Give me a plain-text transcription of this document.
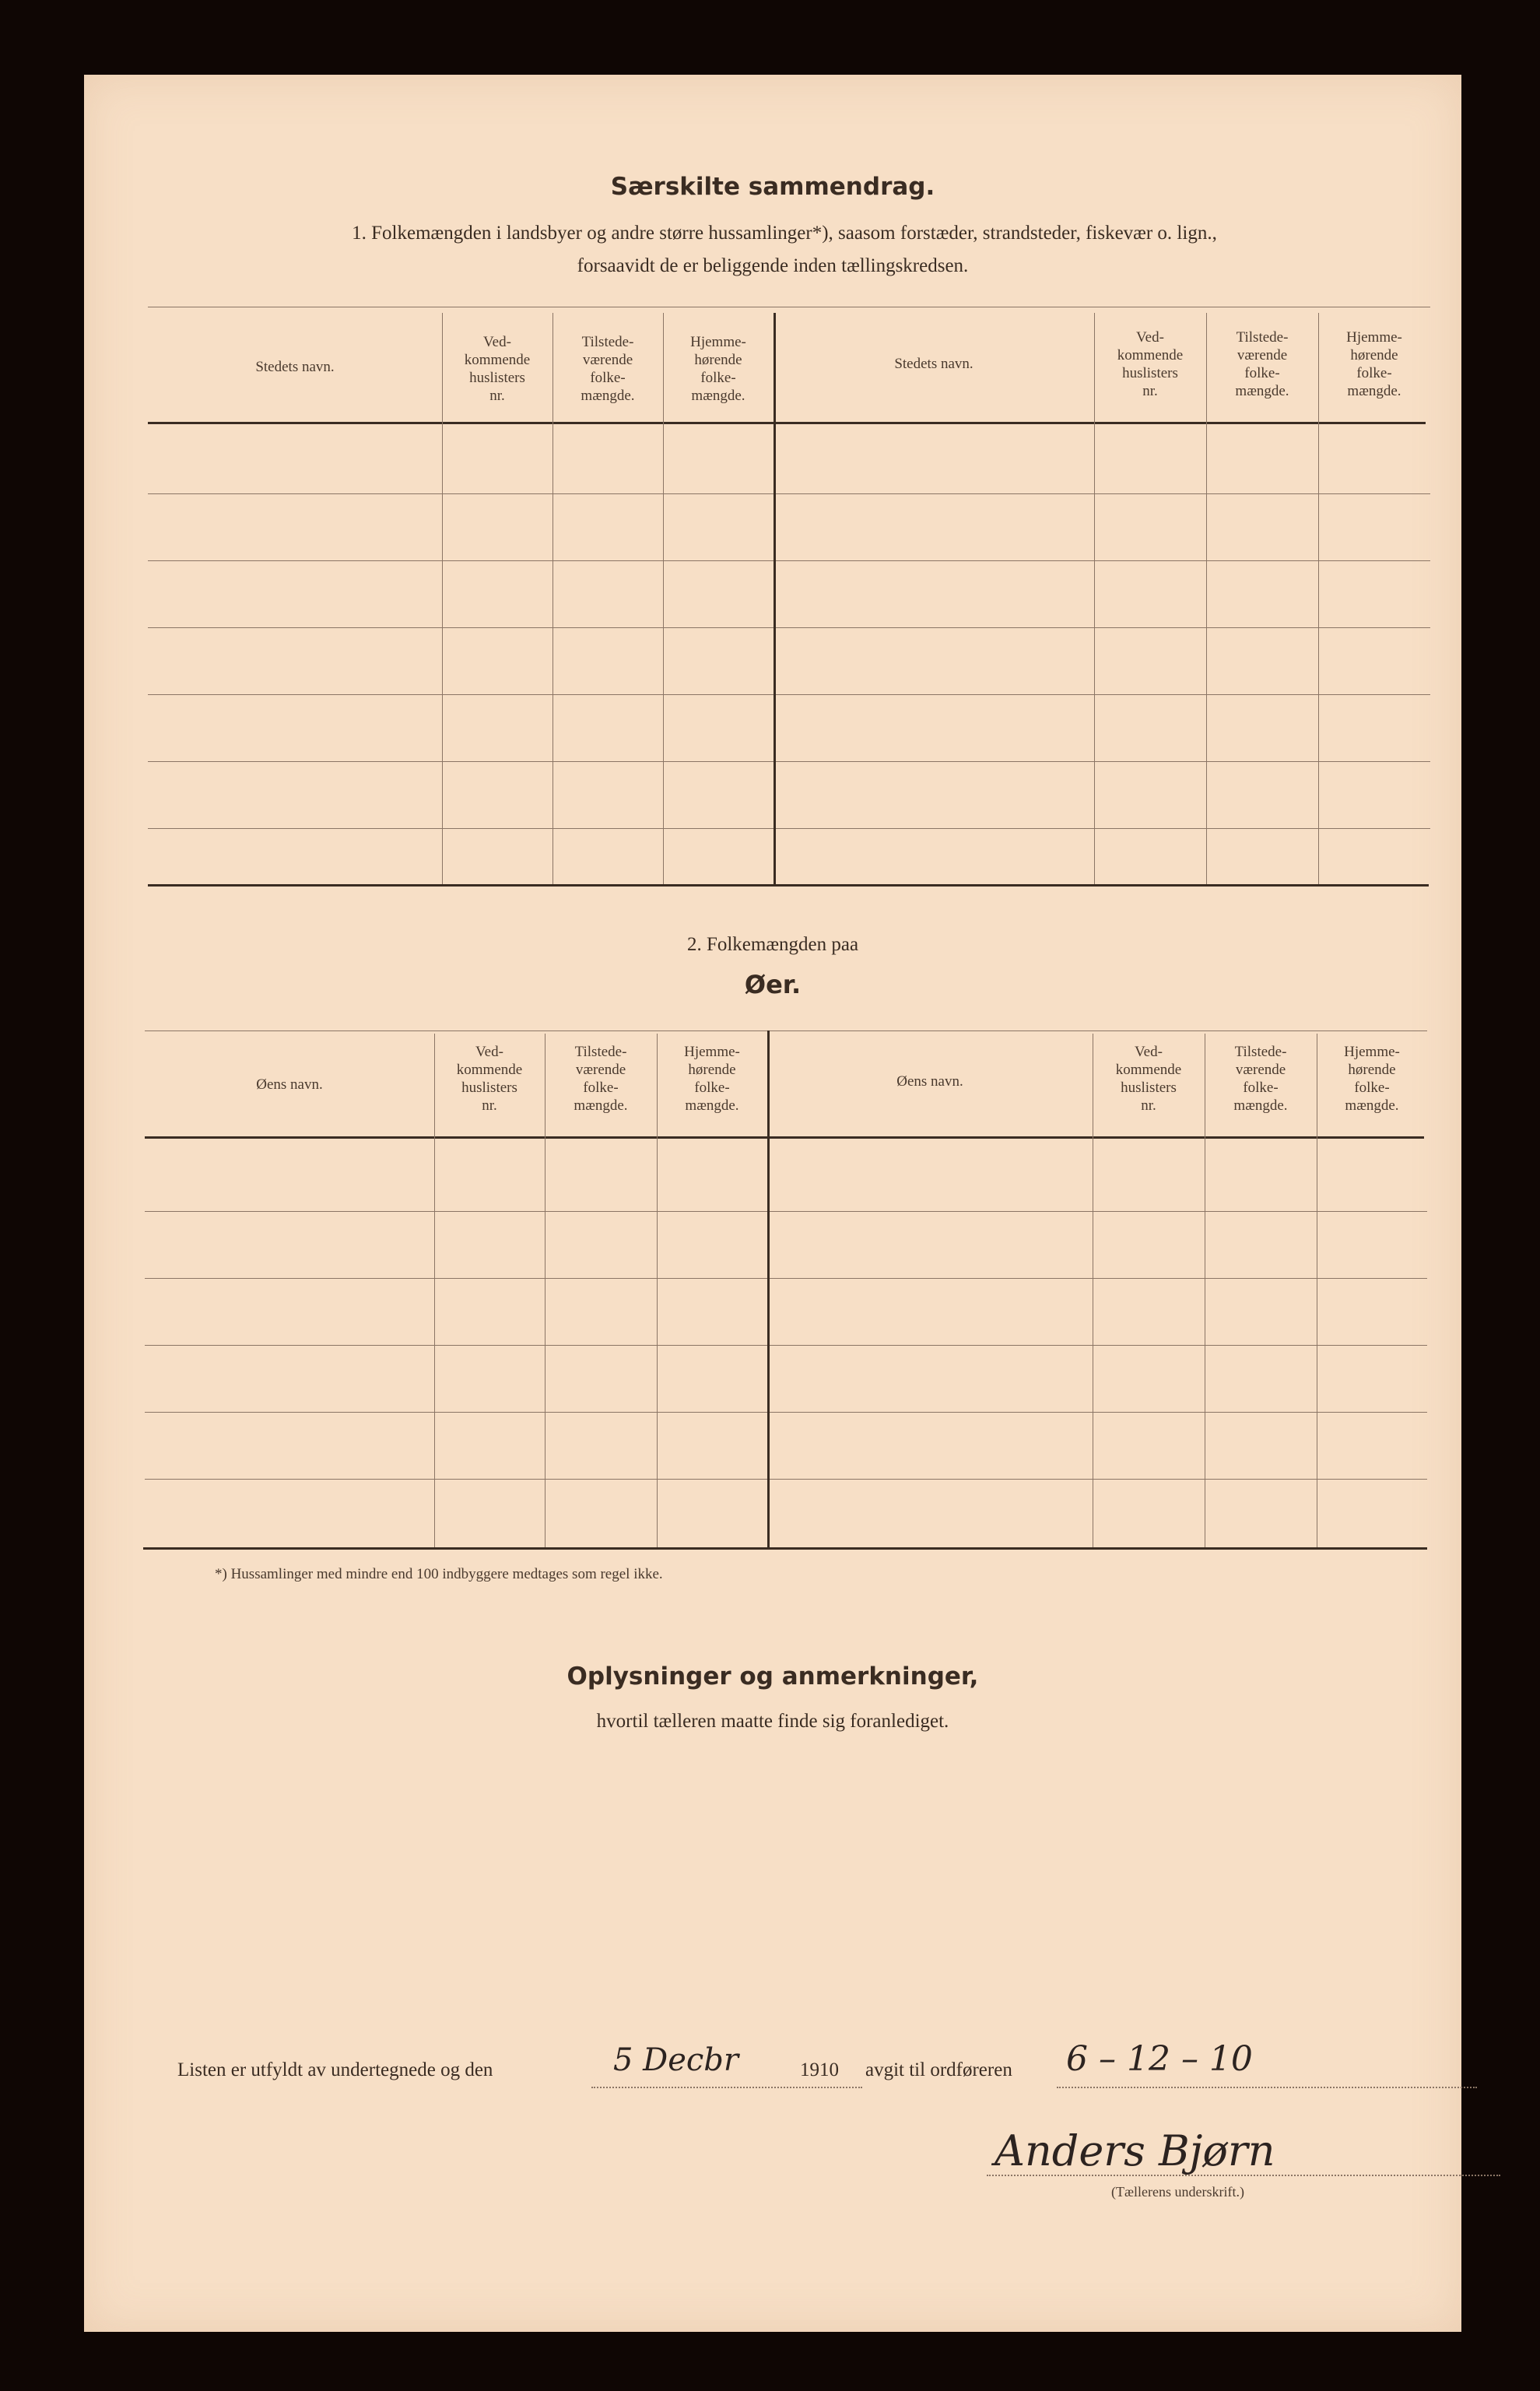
Særskilte sammendrag.
1. Folkemængden i landsbyer og andre større hussamlinger*), saasom forstæder, strandsteder, fiskevær o. lign.,
forsaavidt de er beliggende inden tællingskredsen.
Stedets navn.
Ved-
kommende
huslisters
nr.
Tilstede-
værende
folke-
mængde.
Hjemme-
hørende
folke-
mængde.
Stedets navn.
Ved-
kommende
huslisters
nr.
Tilstede-
værende
folke-
mængde.
Hjemme-
hørende
folke-
mængde.
2. Folkemængden paa
Øer.
Øens navn.
Ved-
kommende
huslisters
nr.
Tilstede-
værende
folke-
mængde.
Hjemme-
hørende
folke-
mængde.
Øens navn.
Ved-
kommende
huslisters
nr.
Tilstede-
værende
folke-
mængde.
Hjemme-
hørende
folke-
mængde.
*) Hussamlinger med mindre end 100 indbyggere medtages som regel ikke.
Oplysninger og anmerkninger,
hvortil tælleren maatte finde sig foranlediget.
Listen er utfyldt av undertegnede og den	5 Decbr	1910 avgit til ordføreren 6 – 12 – 10
Anders Bjørn
(Tællerens underskrift.)
